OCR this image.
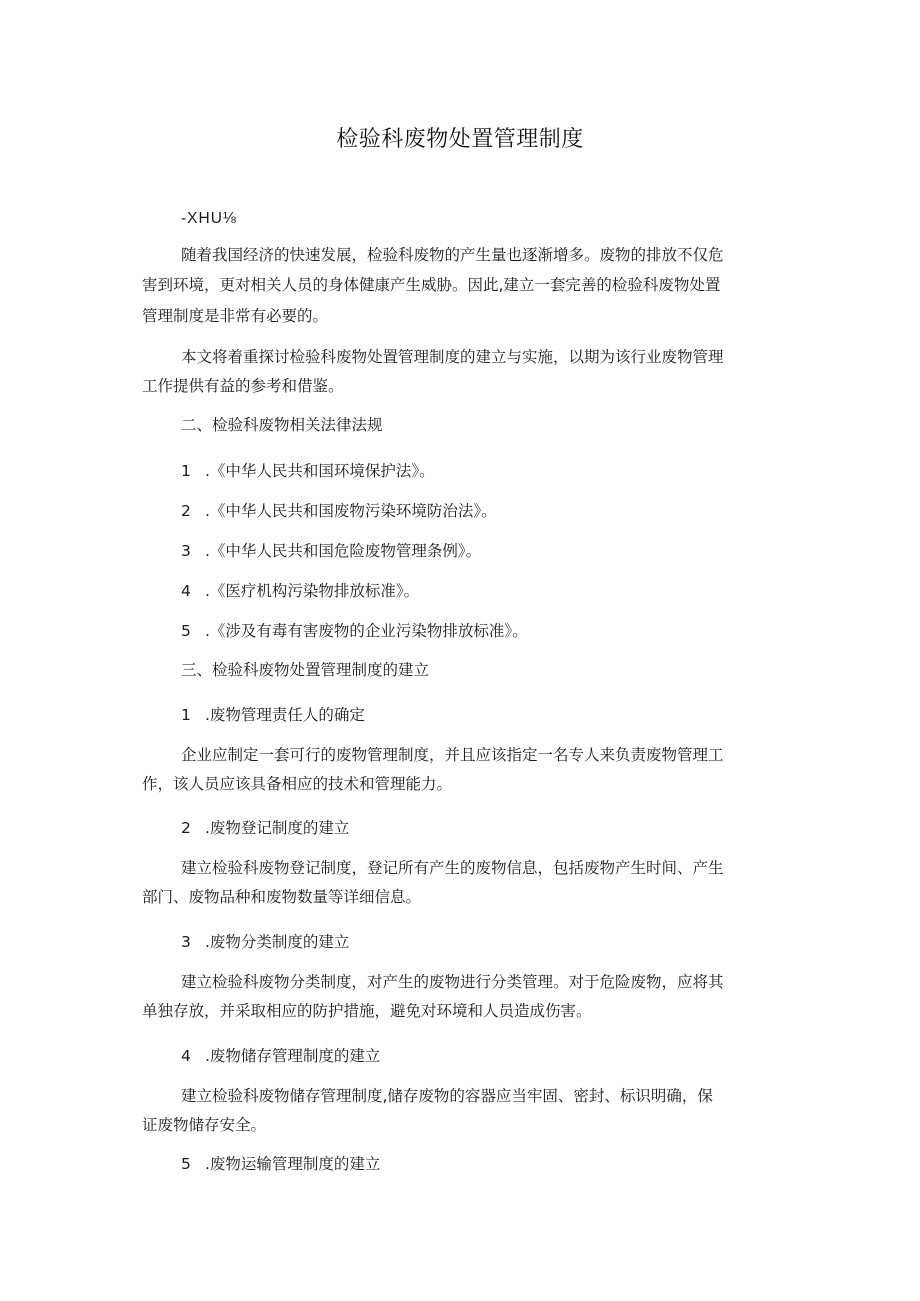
检验科废物处置管理制度
-XHU⅛
随着我国经济的快速发展，检验科废物的产生量也逐渐增多。废物的排放不仅危
害到环境，更对相关人员的身体健康产生威胁。因此,建立一套完善的检验科废物处置
管理制度是非常有必要的。
本文将着重探讨检验科废物处置管理制度的建立与实施，以期为该行业废物管理
工作提供有益的参考和借鉴。
二、检验科废物相关法律法规
1 .《中华人民共和国环境保护法》。
2 .《中华人民共和国废物污染环境防治法》。
3 .《中华人民共和国危险废物管理条例》。
4 .《医疗机构污染物排放标准》。
5 .《涉及有毒有害废物的企业污染物排放标准》。
三、检验科废物处置管理制度的建立
1 .废物管理责任人的确定
企业应制定一套可行的废物管理制度，并且应该指定一名专人来负责废物管理工
作，该人员应该具备相应的技术和管理能力。
2 .废物登记制度的建立
建立检验科废物登记制度，登记所有产生的废物信息，包括废物产生时间、产生
部门、废物品种和废物数量等详细信息。
3 .废物分类制度的建立
建立检验科废物分类制度，对产生的废物进行分类管理。对于危险废物，应将其
单独存放，并采取相应的防护措施，避免对环境和人员造成伤害。
4 .废物储存管理制度的建立
建立检验科废物储存管理制度,储存废物的容器应当牢固、密封、标识明确，保
证废物储存安全。
5 .废物运输管理制度的建立
